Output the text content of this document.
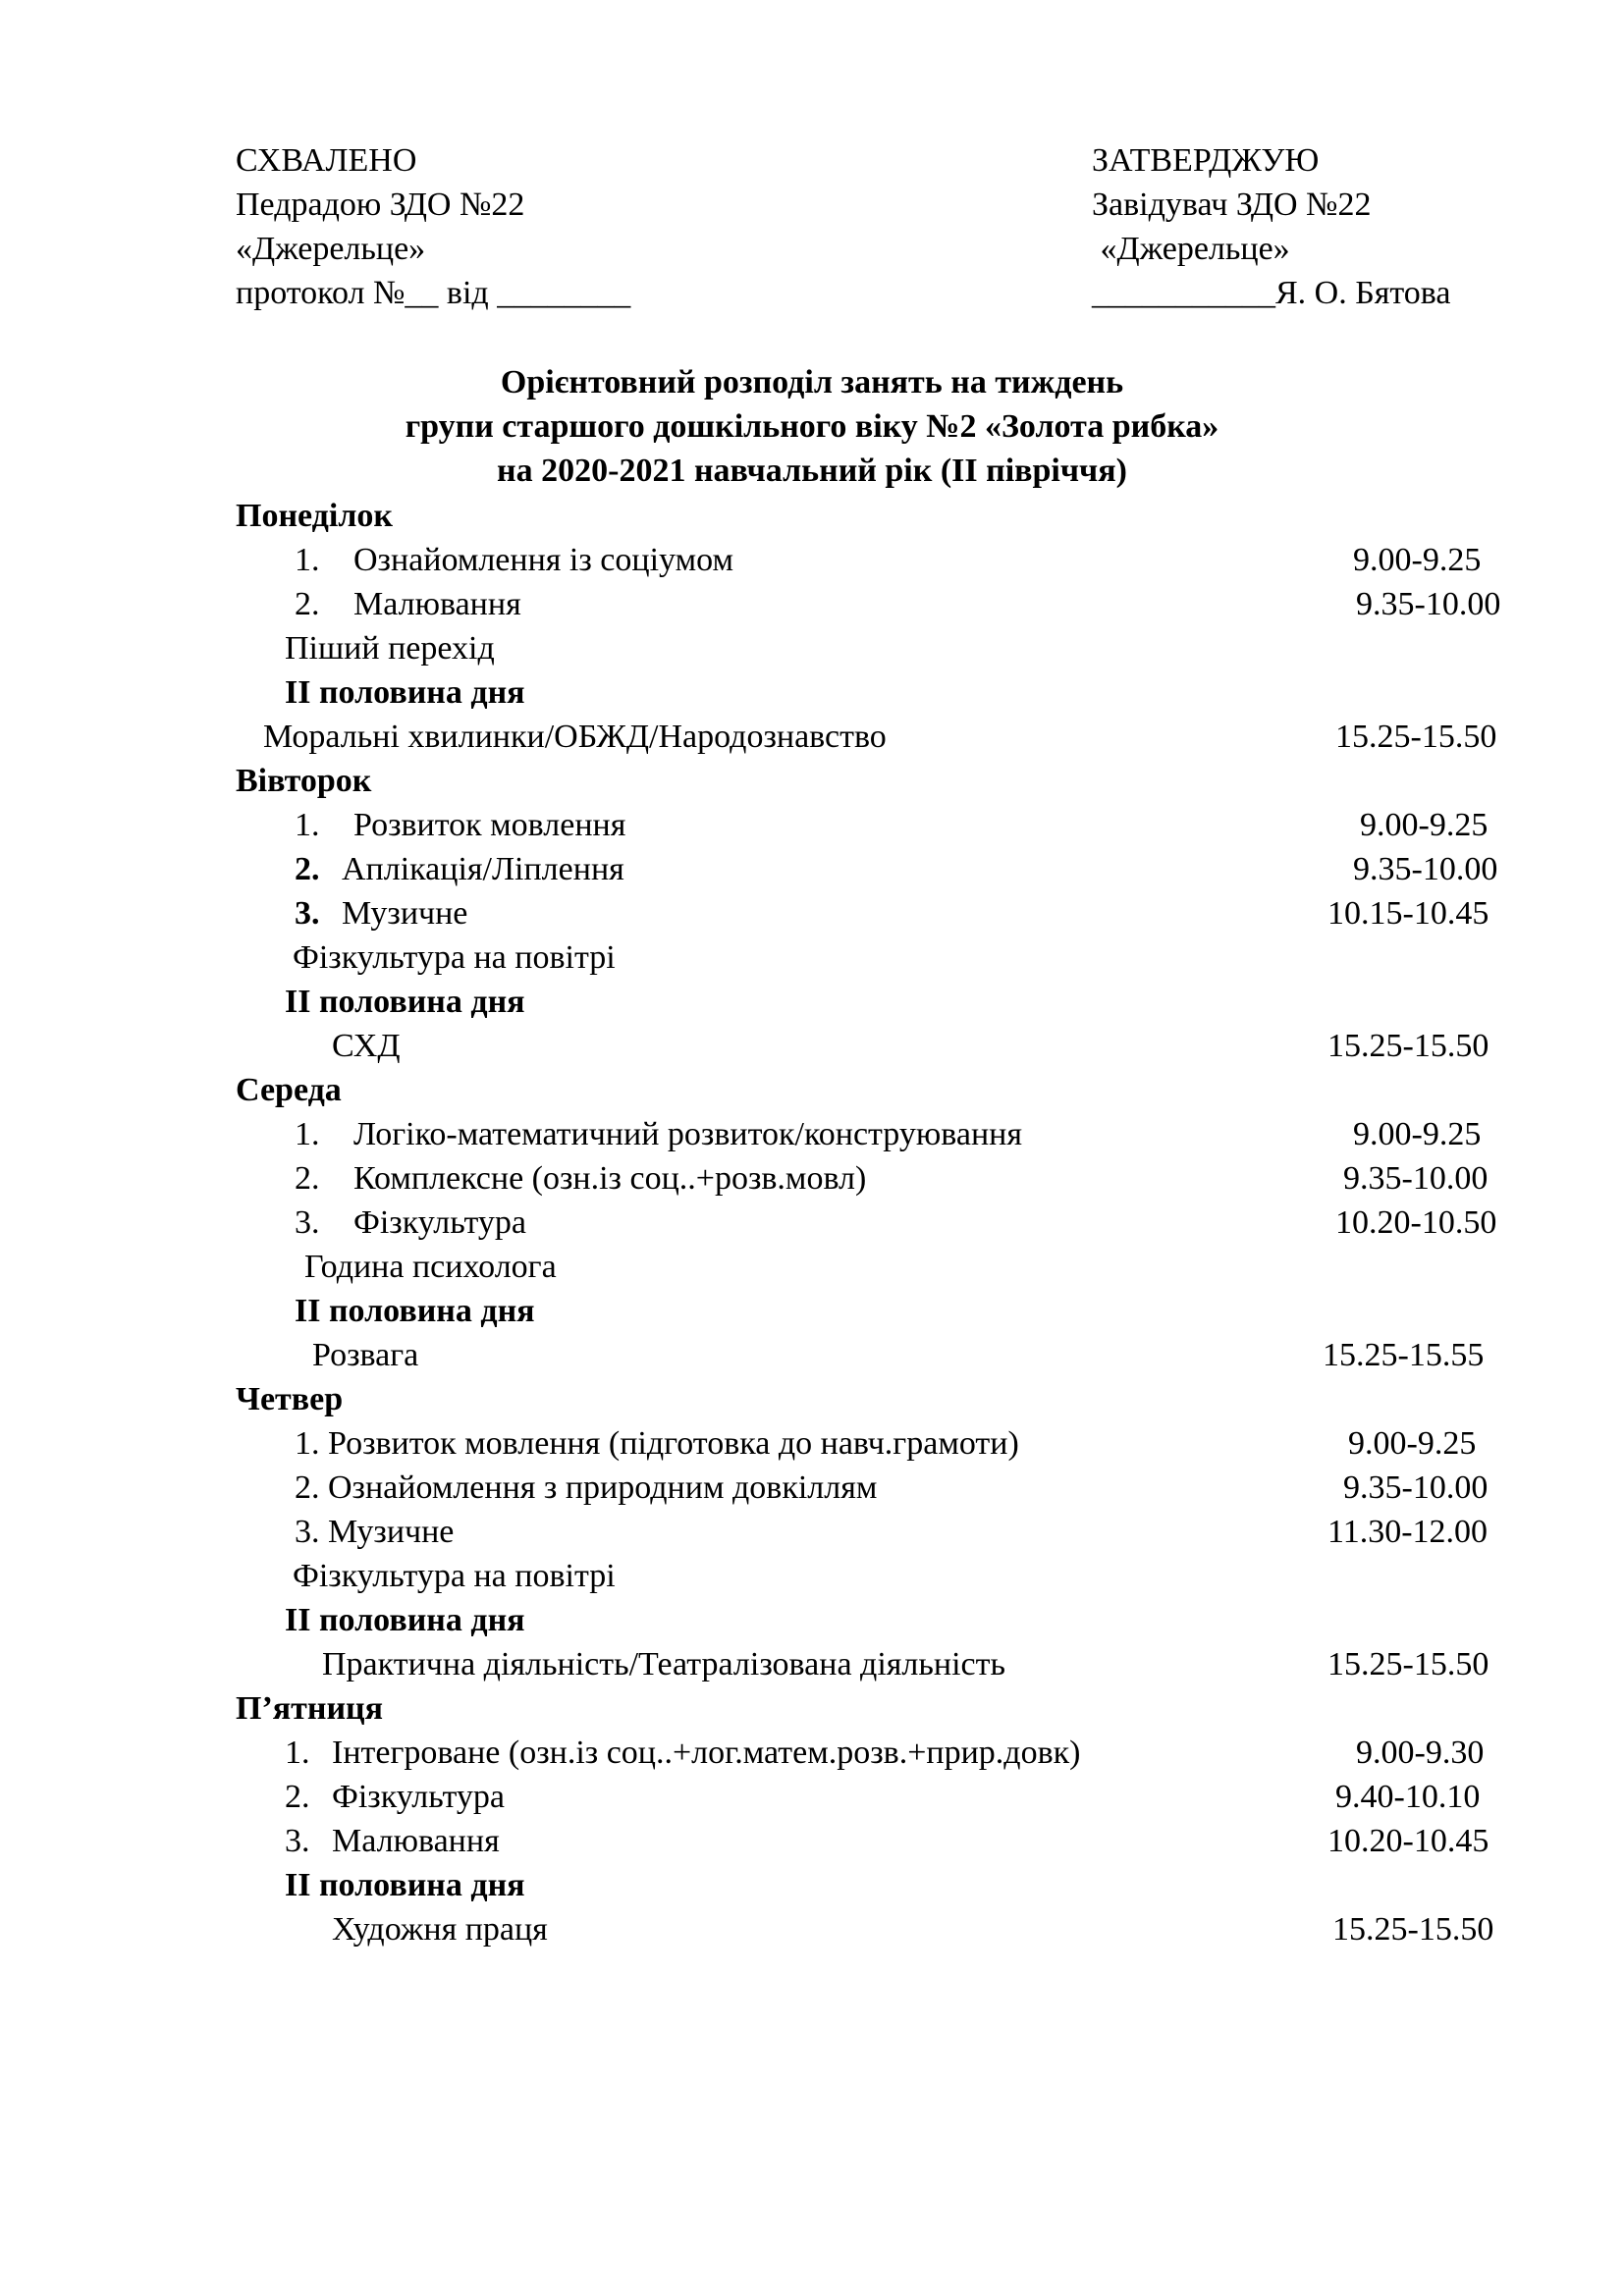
СХВАЛЕНО
Педрадою ЗДО №22
«Джерельце»
протокол №__ від ________
ЗАТВЕРДЖУЮ
Завідувач ЗДО №22
«Джерельце»
___________Я. О. Бятова
Орієнтовний розподіл занять на тиждень
групи старшого дошкільного віку №2 «Золота рибка»
на 2020-2021 навчальний рік (ІІ півріччя)
Понеділок
1. Ознайомлення із соціумом	9.00-9.25
2. Малювання	9.35-10.00
Піший перехід
ІІ половина дня
Моральні хвилинки/ОБЖД/Народознавство	15.25-15.50
Вівторок
1. Розвиток мовлення	9.00-9.25
2. Аплікація/Ліплення	9.35-10.00
3. Музичне	10.15-10.45
Фізкультура на повітрі
ІІ половина дня
СХД	15.25-15.50
Середа
1. Логіко-математичний розвиток/конструювання	9.00-9.25
2. Комплексне (озн.із соц..+розв.мовл)	9.35-10.00
3. Фізкультура	10.20-10.50
Година психолога
ІІ половина дня
Розвага	15.25-15.55
Четвер
1. Розвиток мовлення (підготовка до навч.грамоти)	9.00-9.25
2. Ознайомлення з природним довкіллям	9.35-10.00
3. Музичне	11.30-12.00
Фізкультура на повітрі
ІІ половина дня
Практична діяльність/Театралізована діяльність	15.25-15.50
П’ятниця
1. Інтегроване (озн.із соц..+лог.матем.розв.+прир.довк)	9.00-9.30
2. Фізкультура	9.40-10.10
3. Малювання	10.20-10.45
ІІ половина дня
Художня праця	15.25-15.50
